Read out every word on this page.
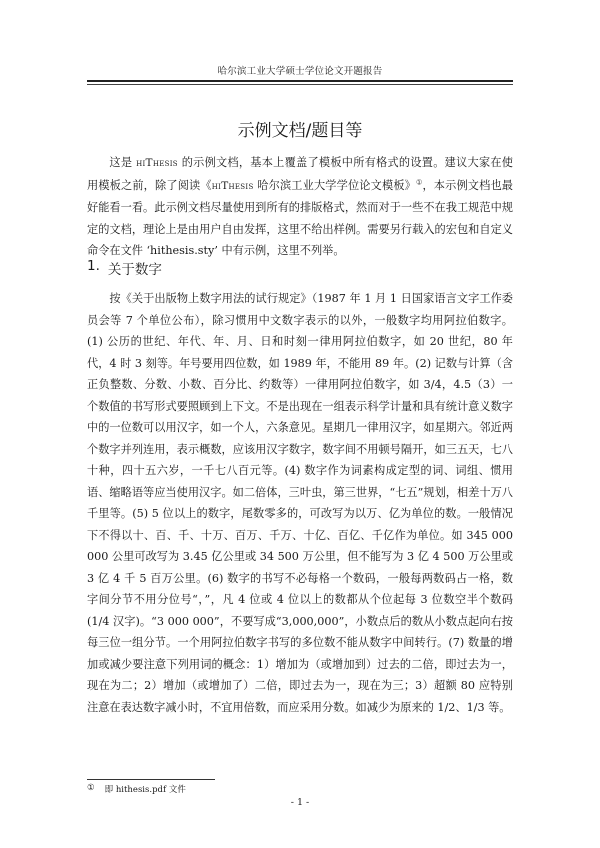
哈尔滨工业大学硕士学位论文开题报告
示例文档/题目等

这是 hiThesis 的示例文档，基本上覆盖了模板中所有格式的设置。建议大家在使用模板之前，除了阅读《hiThesis 哈尔滨工业大学学位论文模板》①，本示例文档也最好能看一看。此示例文档尽量使用到所有的排版格式，然而对于一些不在我工规范中规定的文档，理论上是由用户自由发挥，这里不给出样例。需要另行载入的宏包和自定义命令在文件 ‘hithesis.sty’ 中有示例，这里不列举。

1. 关于数字

按《关于出版物上数字用法的试行规定》（1987 年 1 月 1 日国家语言文字工作委员会等 7 个单位公布），除习惯用中文数字表示的以外，一般数字均用阿拉伯数字。(1) 公历的世纪、年代、年、月、日和时刻一律用阿拉伯数字，如 20 世纪，80 年代，4 时 3 刻等。年号要用四位数，如 1989 年，不能用 89 年。(2) 记数与计算（含正负整数、分数、小数、百分比、约数等）一律用阿拉伯数字，如 3/4，4.5（3）一个数值的书写形式要照顾到上下文。不是出现在一组表示科学计量和具有统计意义数字中的一位数可以用汉字，如一个人，六条意见。星期几一律用汉字，如星期六。邻近两个数字并列连用，表示概数，应该用汉字数字，数字间不用顿号隔开，如三五天，七八十种，四十五六岁，一千七八百元等。(4) 数字作为词素构成定型的词、词组、惯用语、缩略语等应当使用汉字。如二倍体，三叶虫，第三世界，“七五”规划，相差十万八千里等。(5) 5 位以上的数字，尾数零多的，可改写为以万、亿为单位的数。一般情况下不得以十、百、千、十万、百万、千万、十亿、百亿、千亿作为单位。如 345 000 000 公里可改写为 3.45 亿公里或 34 500 万公里，但不能写为 3 亿 4 500 万公里或 3 亿 4 千 5 百万公里。(6) 数字的书写不必每格一个数码，一般每两数码占一格，数字间分节不用分位号“，”，凡 4 位或 4 位以上的数都从个位起每 3 位数空半个数码 (1/4 汉字)。“3 000 000”，不要写成“3,000,000”，小数点后的数从小数点起向右按每三位一组分节。一个用阿拉伯数字书写的多位数不能从数字中间转行。(7) 数量的增加或减少要注意下列用词的概念：1）增加为（或增加到）过去的二倍，即过去为一，现在为二；2）增加（或增加了）二倍，即过去为一，现在为三；3）超额 80 应特别注意在表达数字减小时，不宜用倍数，而应采用分数。如减少为原来的 1/2、1/3 等。

① 即 hithesis.pdf 文件
- 1 -
